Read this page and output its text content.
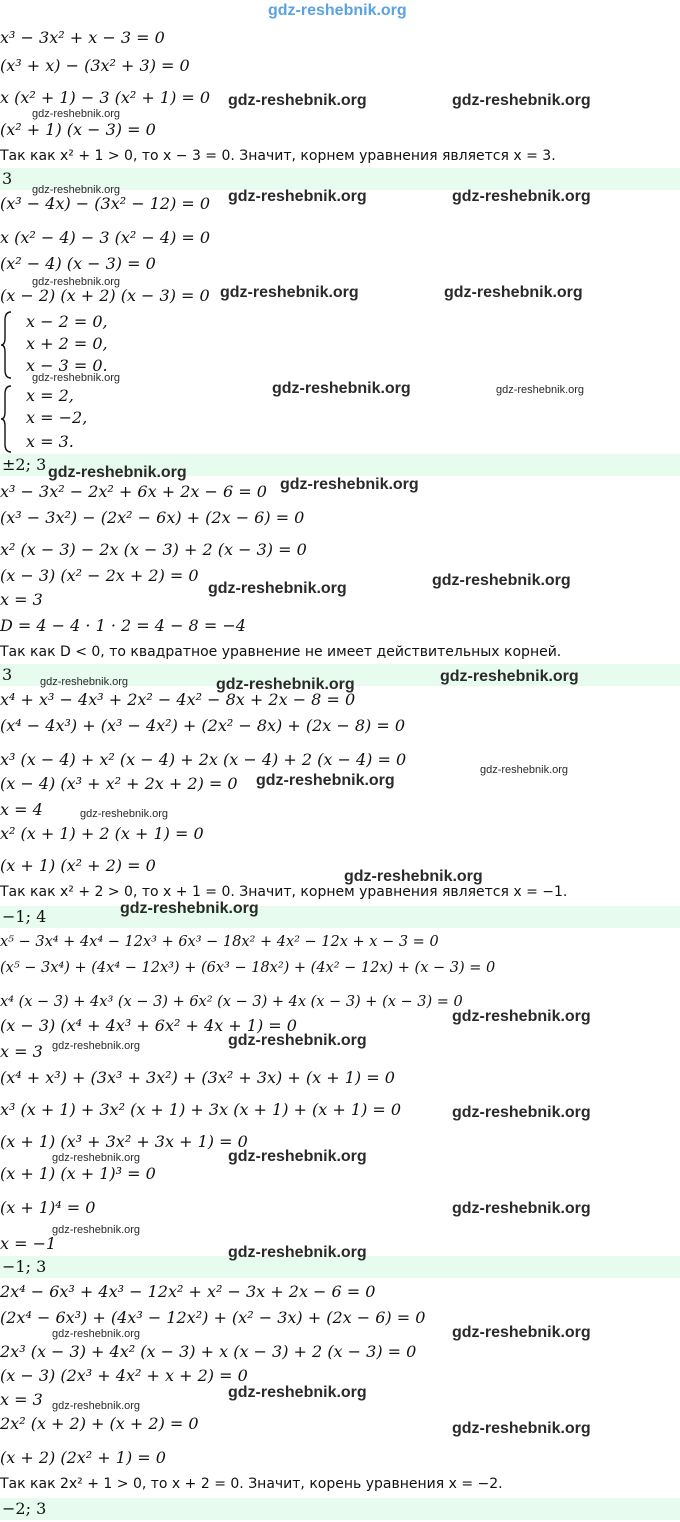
gdz-reshebnik.org
x³ − 3x² + x − 3 = 0
(x³ + x) − (3x² + 3) = 0
x (x² + 1) − 3 (x² + 1) = 0
(x² + 1) (x − 3) = 0
Так как x² + 1 > 0, то x − 3 = 0. Значит, корнем уравнения является x = 3.
3
(x³ − 4x) − (3x² − 12) = 0
x (x² − 4) − 3 (x² − 4) = 0
(x² − 4) (x − 3) = 0
(x − 2) (x + 2) (x − 3) = 0
x − 2 = 0,
x + 2 = 0,
x − 3 = 0.
x = 2,
x = −2,
x = 3.
±2; 3
x³ − 3x² − 2x² + 6x + 2x − 6 = 0
(x³ − 3x²) − (2x² − 6x) + (2x − 6) = 0
x² (x − 3) − 2x (x − 3) + 2 (x − 3) = 0
(x − 3) (x² − 2x + 2) = 0
x = 3
D = 4 − 4 · 1 · 2 = 4 − 8 = −4
Так как D < 0, то квадратное уравнение не имеет действительных корней.
3
x⁴ + x³ − 4x³ + 2x² − 4x² − 8x + 2x − 8 = 0
(x⁴ − 4x³) + (x³ − 4x²) + (2x² − 8x) + (2x − 8) = 0
x³ (x − 4) + x² (x − 4) + 2x (x − 4) + 2 (x − 4) = 0
(x − 4) (x³ + x² + 2x + 2) = 0
x = 4
x² (x + 1) + 2 (x + 1) = 0
(x + 1) (x² + 2) = 0
Так как x² + 2 > 0, то x + 1 = 0. Значит, корнем уравнения является x = −1.
−1; 4
x⁵ − 3x⁴ + 4x⁴ − 12x³ + 6x³ − 18x² + 4x² − 12x + x − 3 = 0
(x⁵ − 3x⁴) + (4x⁴ − 12x³) + (6x³ − 18x²) + (4x² − 12x) + (x − 3) = 0
x⁴ (x − 3) + 4x³ (x − 3) + 6x² (x − 3) + 4x (x − 3) + (x − 3) = 0
(x − 3) (x⁴ + 4x³ + 6x² + 4x + 1) = 0
x = 3
(x⁴ + x³) + (3x³ + 3x²) + (3x² + 3x) + (x + 1) = 0
x³ (x + 1) + 3x² (x + 1) + 3x (x + 1) + (x + 1) = 0
(x + 1) (x³ + 3x² + 3x + 1) = 0
(x + 1) (x + 1)³ = 0
(x + 1)⁴ = 0
x = −1
−1; 3
2x⁴ − 6x³ + 4x³ − 12x² + x² − 3x + 2x − 6 = 0
(2x⁴ − 6x³) + (4x³ − 12x²) + (x² − 3x) + (2x − 6) = 0
2x³ (x − 3) + 4x² (x − 3) + x (x − 3) + 2 (x − 3) = 0
(x − 3) (2x³ + 4x² + x + 2) = 0
x = 3
2x² (x + 2) + (x + 2) = 0
(x + 2) (2x² + 1) = 0
Так как 2x² + 1 > 0, то x + 2 = 0. Значит, корень уравнения x = −2.
−2; 3
gdz-reshebnik.org	gdz-reshebnik.org
gdz-reshebnik.org	gdz-reshebnik.org
gdz-reshebnik.org	gdz-reshebnik.org
gdz-reshebnik.org
gdz-reshebnik.org
gdz-reshebnik.org
gdz-reshebnik.org
gdz-reshebnik.org
gdz-reshebnik.org	gdz-reshebnik.org
gdz-reshebnik.org
gdz-reshebnik.org
gdz-reshebnik.org
gdz-reshebnik.org
gdz-reshebnik.org
gdz-reshebnik.org
gdz-reshebnik.org
gdz-reshebnik.org
gdz-reshebnik.org
gdz-reshebnik.org
gdz-reshebnik.org
gdz-reshebnik.org
gdz-reshebnik.org
gdz-reshebnik.org
gdz-reshebnik.org
gdz-reshebnik.org
gdz-reshebnik.org
gdz-reshebnik.org
gdz-reshebnik.org
gdz-reshebnik.org
gdz-reshebnik.org
gdz-reshebnik.org
gdz-reshebnik.org
gdz-reshebnik.org
gdz-reshebnik.org
